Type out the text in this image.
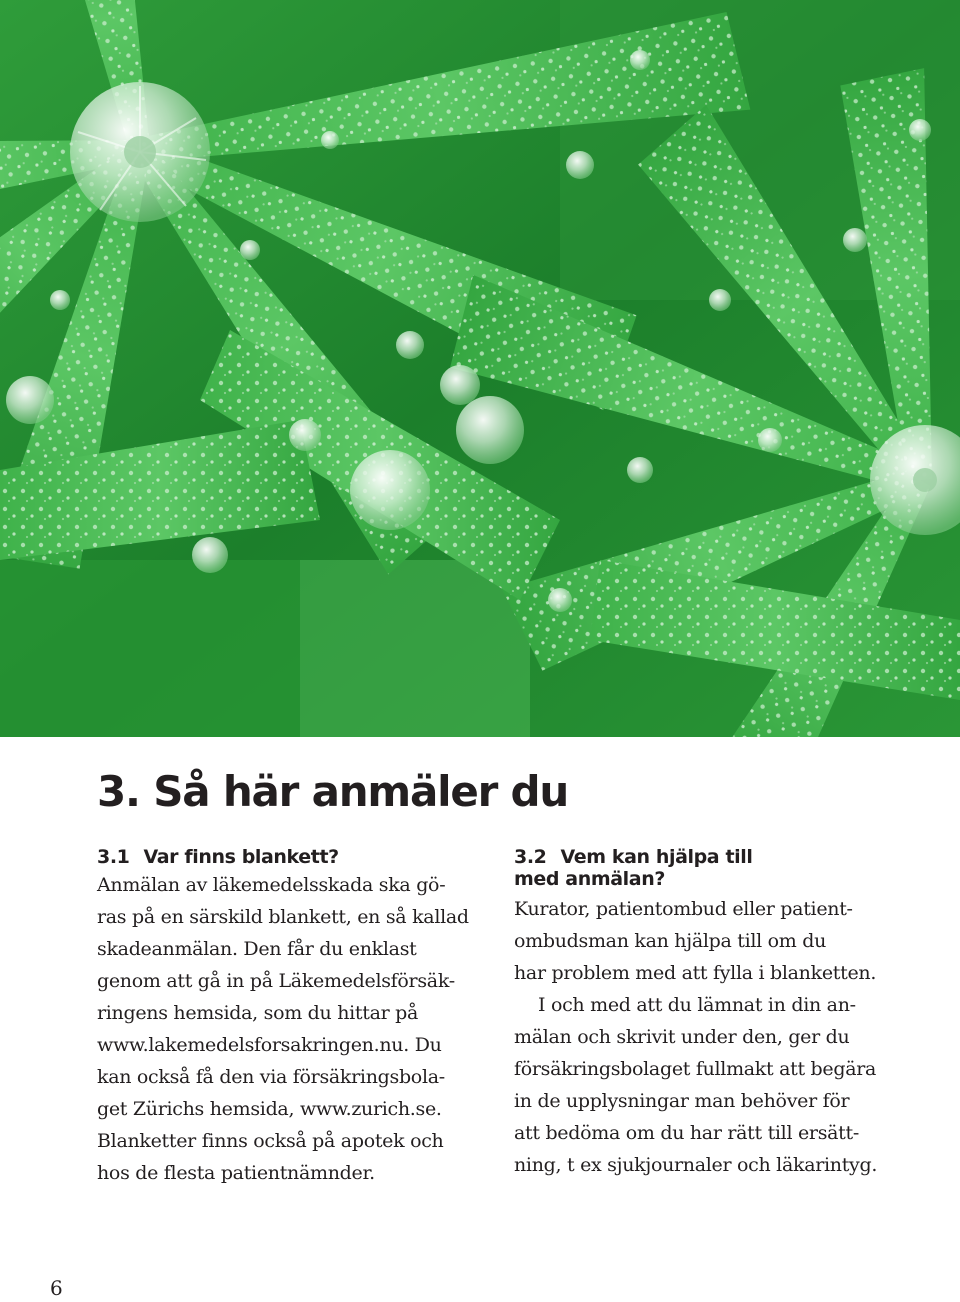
3. Så här anmäler du
3.1 Var finns blankett?
Anmälan av läkemedelsskada ska gö-
ras på en särskild blankett, en så kallad
skadeanmälan. Den får du enklast
genom att gå in på Läkemedelsförsäk-
ringens hemsida, som du hittar på
www.lakemedelsforsakringen.nu. Du
kan också få den via försäkringsbola-
get Zürichs hemsida, www.zurich.se.
Blanketter finns också på apotek och
hos de flesta patientnämnder.
3.2 Vem kan hjälpa till
med anmälan?
Kurator, patientombud eller patient-
ombudsman kan hjälpa till om du
har problem med att fylla i blanketten.
I och med att du lämnat in din an-
mälan och skrivit under den, ger du
försäkringsbolaget fullmakt att begära
in de upplysningar man behöver för
att bedöma om du har rätt till ersätt-
ning, t ex sjukjournaler och läkarintyg.
6
